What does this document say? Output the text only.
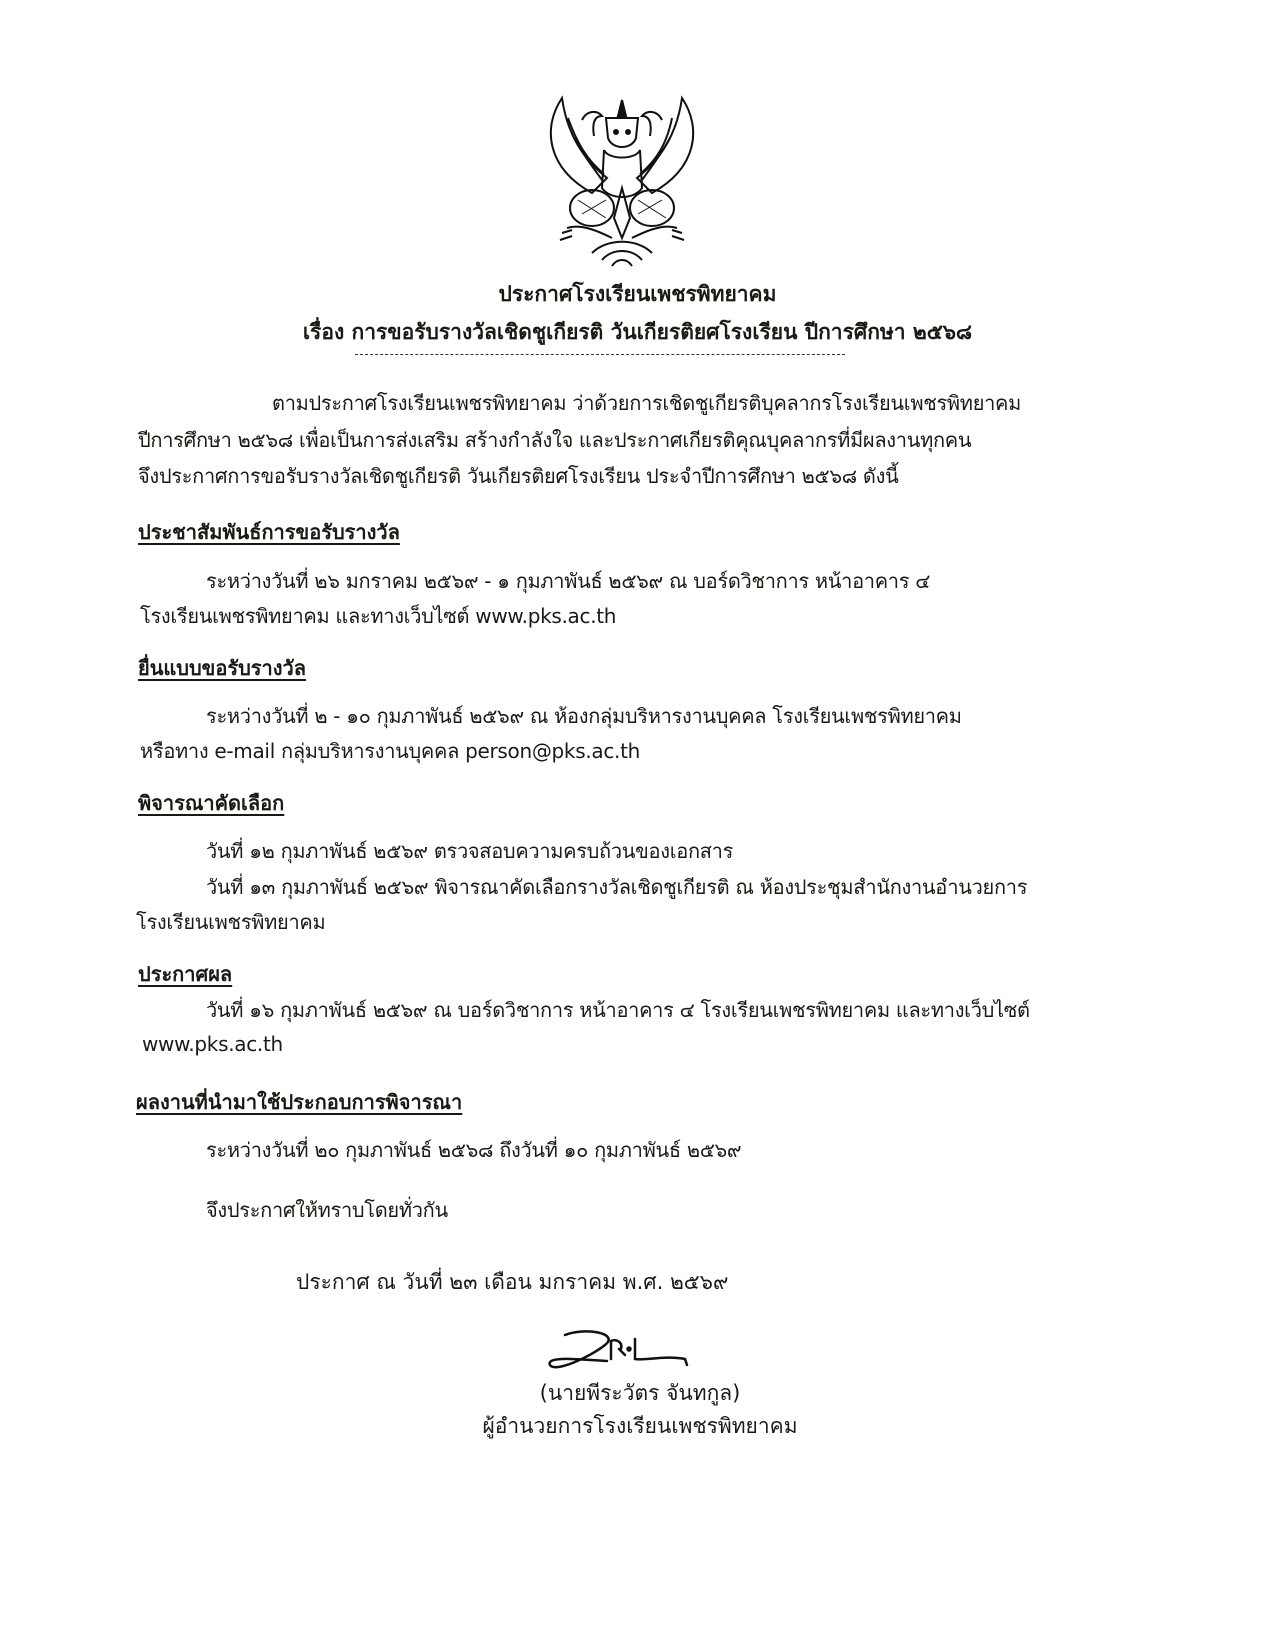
ประกาศโรงเรียนเพชรพิทยาคม
เรื่อง การขอรับรางวัลเชิดชูเกียรติ วันเกียรติยศโรงเรียน ปีการศึกษา ๒๕๖๘
ตามประกาศโรงเรียนเพชรพิทยาคม ว่าด้วยการเชิดชูเกียรติบุคลากรโรงเรียนเพชรพิทยาคม
ปีการศึกษา ๒๕๖๘ เพื่อเป็นการส่งเสริม สร้างกำลังใจ และประกาศเกียรติคุณบุคลากรที่มีผลงานทุกคน
จึงประกาศการขอรับรางวัลเชิดชูเกียรติ วันเกียรติยศโรงเรียน ประจำปีการศึกษา ๒๕๖๘ ดังนี้
ประชาสัมพันธ์การขอรับรางวัล
ระหว่างวันที่ ๒๖ มกราคม ๒๕๖๙ - ๑ กุมภาพันธ์ ๒๕๖๙ ณ บอร์ดวิชาการ หน้าอาคาร ๔
โรงเรียนเพชรพิทยาคม และทางเว็บไซต์ www.pks.ac.th
ยื่นแบบขอรับรางวัล
ระหว่างวันที่ ๒ - ๑๐ กุมภาพันธ์ ๒๕๖๙ ณ ห้องกลุ่มบริหารงานบุคคล โรงเรียนเพชรพิทยาคม
หรือทาง e-mail กลุ่มบริหารงานบุคคล person@pks.ac.th
พิจารณาคัดเลือก
วันที่ ๑๒ กุมภาพันธ์ ๒๕๖๙ ตรวจสอบความครบถ้วนของเอกสาร
วันที่ ๑๓ กุมภาพันธ์ ๒๕๖๙ พิจารณาคัดเลือกรางวัลเชิดชูเกียรติ ณ ห้องประชุมสำนักงานอำนวยการ
โรงเรียนเพชรพิทยาคม
ประกาศผล
วันที่ ๑๖ กุมภาพันธ์ ๒๕๖๙ ณ บอร์ดวิชาการ หน้าอาคาร ๔ โรงเรียนเพชรพิทยาคม และทางเว็บไซต์
www.pks.ac.th
ผลงานที่นำมาใช้ประกอบการพิจารณา
ระหว่างวันที่ ๒๐ กุมภาพันธ์ ๒๕๖๘ ถึงวันที่ ๑๐ กุมภาพันธ์ ๒๕๖๙
จึงประกาศให้ทราบโดยทั่วกัน
ประกาศ ณ วันที่ ๒๓ เดือน มกราคม พ.ศ. ๒๕๖๙
(นายพีระวัตร จันทกูล)
ผู้อำนวยการโรงเรียนเพชรพิทยาคม
